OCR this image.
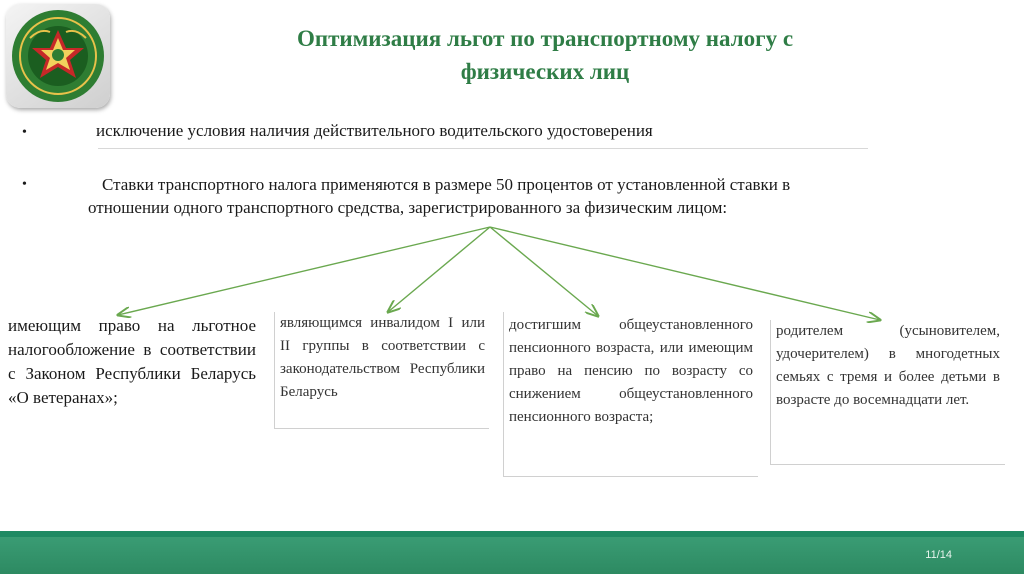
Оптимизация льгот по транспортному налогу с
физических лиц
•	исключение условия наличия действительного водительского удостоверения
•	Ставки транспортного налога применяются в размере 50 процентов от установленной ставки в
отношении одного транспортного средства, зарегистрированного за физическим лицом:
имеющим право на льготное налогообложение в соответствии с Законом Республики Беларусь «О ветеранах»;
являющимся инвалидом I или II группы в соответствии с законодательством Республики Беларусь
достигшим общеустановленного пенсионного возраста, или имеющим право на пенсию по возрасту со снижением общеустановленного пенсионного возраста;
родителем (усыновителем, удочерителем) в многодетных семьях с тремя и более детьми в возрасте до восемнадцати лет.
11/14
